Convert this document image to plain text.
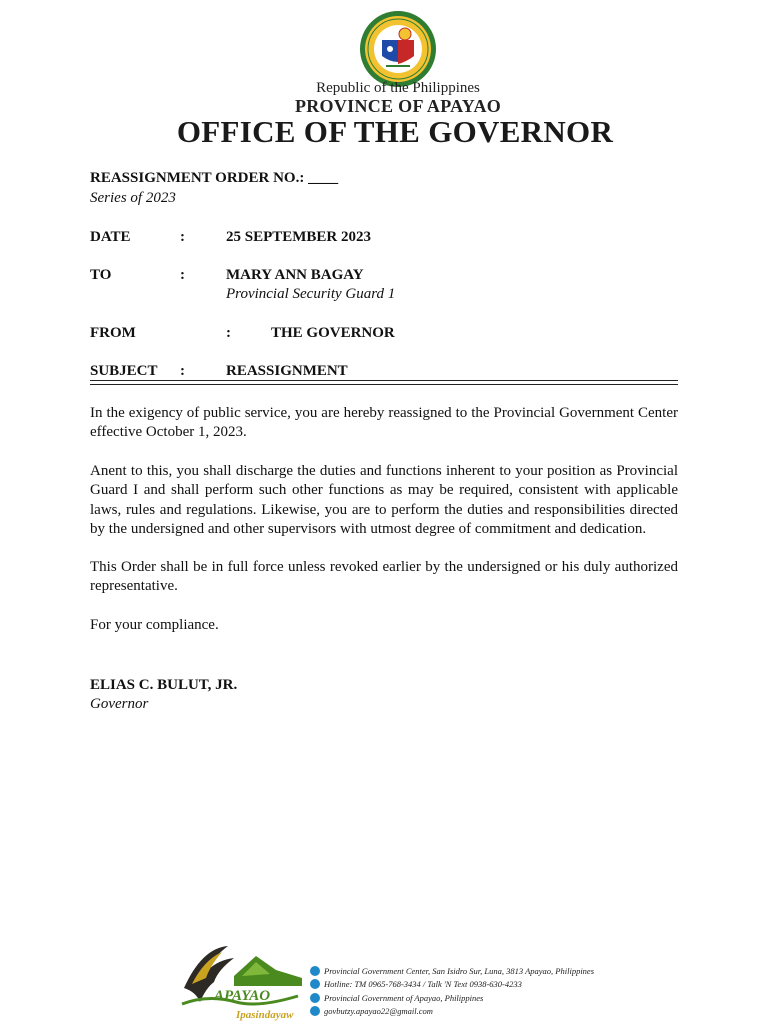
Republic of the Philippines
PROVINCE OF APAYAO
OFFICE OF THE GOVERNOR
REASSIGNMENT ORDER NO.: ____
Series of 2023
DATE	:	25 SEPTEMBER 2023
TO	:	MARY ANN BAGAY
Provincial Security Guard 1
FROM	:	THE GOVERNOR
SUBJECT :	REASSIGNMENT
In the exigency of public service, you are hereby reassigned to the Provincial Government Center effective October 1, 2023.
Anent to this, you shall discharge the duties and functions inherent to your position as Provincial Guard I and shall perform such other functions as may be required, consistent with applicable laws, rules and regulations. Likewise, you are to perform the duties and responsibilities directed by the undersigned and other supervisors with utmost degree of commitment and dedication.
This Order shall be in full force unless revoked earlier by the undersigned or his duly authorized representative.
For your compliance.
ELIAS C. BULUT, JR.
Governor
APAYAO
Ipasindayaw
Provincial Government Center, San Isidro Sur, Luna, 3813 Apayao, Philippines
Hotline: TM 0965-768-3434 / Talk 'N Text 0938-630-4233
Provincial Government of Apayao, Philippines
govbutzy.apayao22@gmail.com
